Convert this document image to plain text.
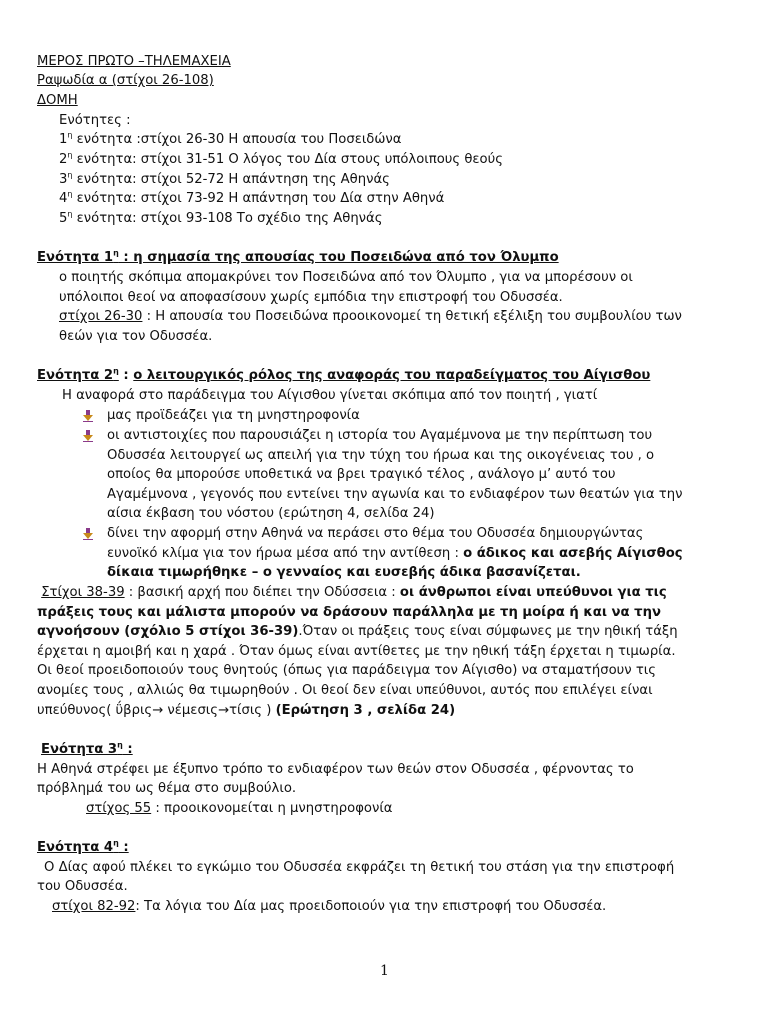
ΜΕΡΟΣ ΠΡΩΤΟ –ΤΗΛΕΜΑΧΕΙΑ
Ραψωδία α (στίχοι 26-108)
ΔΟΜΗ
Ενότητες :
$1^\eta$ ενότητα :στίχοι 26-30 Η απουσία του Ποσειδώνα
$2^\eta$ ενότητα: στίχοι 31-51 Ο λόγος του Δία στους υπόλοιπους θεούς
$3^\eta$ ενότητα: στίχοι 52-72 Η απάντηση της Αθηνάς
$4^\eta$ ενότητα: στίχοι 73-92 Η απάντηση του Δία στην Αθηνά
$5^\eta$ ενότητα: στίχοι 93-108 Το σχέδιο της Αθηνάς
Ενότητα $1^\eta$ : η σημασία της απουσίας του Ποσειδώνα από τον Όλυμπο
ο ποιητής σκόπιμα απομακρύνει τον Ποσειδώνα από τον Όλυμπο , για να μπορέσουν οι
υπόλοιποι θεοί να αποφασίσουν χωρίς εμπόδια την επιστροφή του Οδυσσέα.
στίχοι 26-30 : Η απουσία του Ποσειδώνα προοικονομεί τη θετική εξέλιξη του συμβουλίου των
θεών για τον Οδυσσέα.
Ενότητα $2^\eta$ : ο λειτουργικός ρόλος της αναφοράς του παραδείγματος του Αίγισθου
Η αναφορά στο παράδειγμα του Αίγισθου γίνεται σκόπιμα από τον ποιητή , γιατί
μας προϊδεάζει για τη μνηστηροφονία
οι αντιστοιχίες που παρουσιάζει η ιστορία του Αγαμέμνονα με την περίπτωση του
Οδυσσέα λειτουργεί ως απειλή για την τύχη του ήρωα και της οικογένειας του , ο
οποίος θα μπορούσε υποθετικά να βρει τραγικό τέλος , ανάλογο μ’ αυτό του
Αγαμέμνονα , γεγονός που εντείνει την αγωνία και το ενδιαφέρον των θεατών για την
αίσια έκβαση του νόστου (ερώτηση 4, σελίδα 24)
δίνει την αφορμή στην Αθηνά να περάσει στο θέμα του Οδυσσέα δημιουργώντας
ευνοϊκό κλίμα για τον ήρωα μέσα από την αντίθεση : ο άδικος και ασεβής Αίγισθος
δίκαια τιμωρήθηκε – ο γενναίος και ευσεβής άδικα βασανίζεται.
Στίχοι 38-39 : βασική αρχή που διέπει την Οδύσσεια : οι άνθρωποι είναι υπεύθυνοι για τις
πράξεις τους και μάλιστα μπορούν να δράσουν παράλληλα με τη μοίρα ή και να την
αγνοήσουν (σχόλιο 5 στίχοι 36-39).Όταν οι πράξεις τους είναι σύμφωνες με την ηθική τάξη
έρχεται η αμοιβή και η χαρά . Όταν όμως είναι αντίθετες με την ηθική τάξη έρχεται η τιμωρία.
Οι θεοί προειδοποιούν τους θνητούς (όπως για παράδειγμα τον Αίγισθο) να σταματήσουν τις
ανομίες τους , αλλιώς θα τιμωρηθούν . Οι θεοί δεν είναι υπεύθυνοι, αυτός που επιλέγει είναι
υπεύθυνος( ΰβρις→ νέμεσις→τίσις ) (Ερώτηση 3 , σελίδα 24)
Ενότητα $3^\eta$ :
Η Αθηνά στρέφει με έξυπνο τρόπο το ενδιαφέρον των θεών στον Οδυσσέα , φέρνοντας το
πρόβλημά του ως θέμα στο συμβούλιο.
στίχος 55 : προοικονομείται η μνηστηροφονία
Ενότητα $4^\eta$ :
Ο Δίας αφού πλέκει το εγκώμιο του Οδυσσέα εκφράζει τη θετική του στάση για την επιστροφή
του Οδυσσέα.
στίχοι 82-92: Τα λόγια του Δία μας προειδοποιούν για την επιστροφή του Οδυσσέα.
1
